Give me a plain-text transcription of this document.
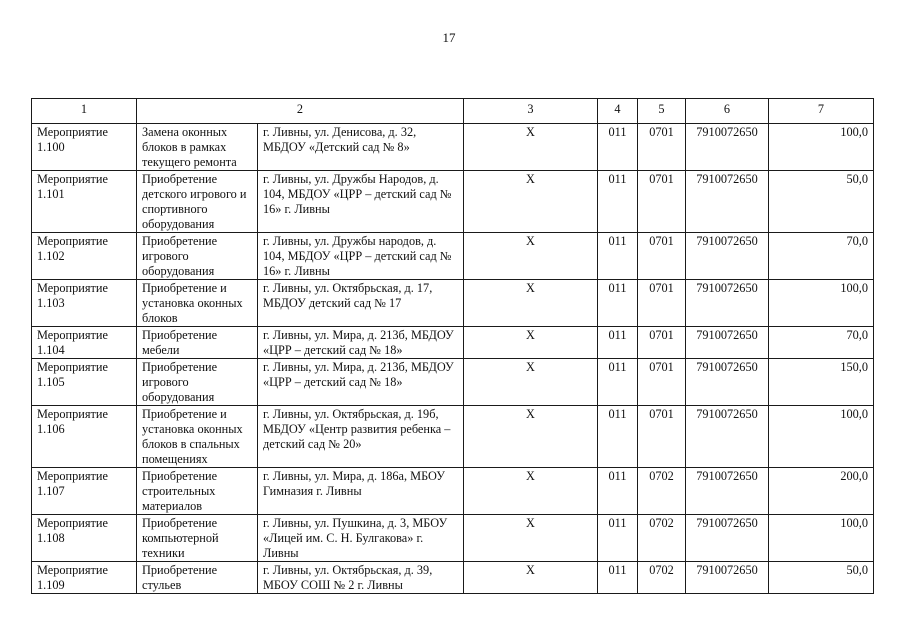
17
1	2		3	4	5	6	7
Мероприятие 1.100	Замена оконных блоков в рамках текущего ремонта	г. Ливны, ул. Денисова, д. 32, МБДОУ «Детский сад № 8»	Х	011	0701	7910072650	100,0
Мероприятие 1.101	Приобретение детского игрового и спортивного оборудования	г. Ливны, ул. Дружбы Народов, д. 104, МБДОУ «ЦРР – детский сад № 16» г. Ливны	Х	011	0701	7910072650	50,0
Мероприятие 1.102	Приобретение игрового оборудования	г. Ливны, ул. Дружбы народов, д. 104, МБДОУ «ЦРР – детский сад № 16» г. Ливны	Х	011	0701	7910072650	70,0
Мероприятие 1.103	Приобретение и установка оконных блоков	г. Ливны, ул. Октябрьская, д. 17, МБДОУ детский сад № 17	Х	011	0701	7910072650	100,0
Мероприятие 1.104	Приобретение мебели	г. Ливны, ул. Мира, д. 213б, МБДОУ «ЦРР – детский сад № 18»	Х	011	0701	7910072650	70,0
Мероприятие 1.105	Приобретение игрового оборудования	г. Ливны, ул. Мира, д. 213б, МБДОУ «ЦРР – детский сад № 18»	Х	011	0701	7910072650	150,0
Мероприятие 1.106	Приобретение и установка оконных блоков в спальных помещениях	г. Ливны, ул. Октябрьская, д. 19б, МБДОУ «Центр развития ребенка – детский сад № 20»	Х	011	0701	7910072650	100,0
Мероприятие 1.107	Приобретение строительных материалов	г. Ливны, ул. Мира, д. 186а, МБОУ Гимназия г. Ливны	Х	011	0702	7910072650	200,0
Мероприятие 1.108	Приобретение компьютерной техники	г. Ливны, ул. Пушкина, д. 3, МБОУ «Лицей им. С. Н. Булгакова» г. Ливны	Х	011	0702	7910072650	100,0
Мероприятие 1.109	Приобретение стульев	г. Ливны, ул. Октябрьская, д. 39, МБОУ СОШ № 2 г. Ливны	Х	011	0702	7910072650	50,0
